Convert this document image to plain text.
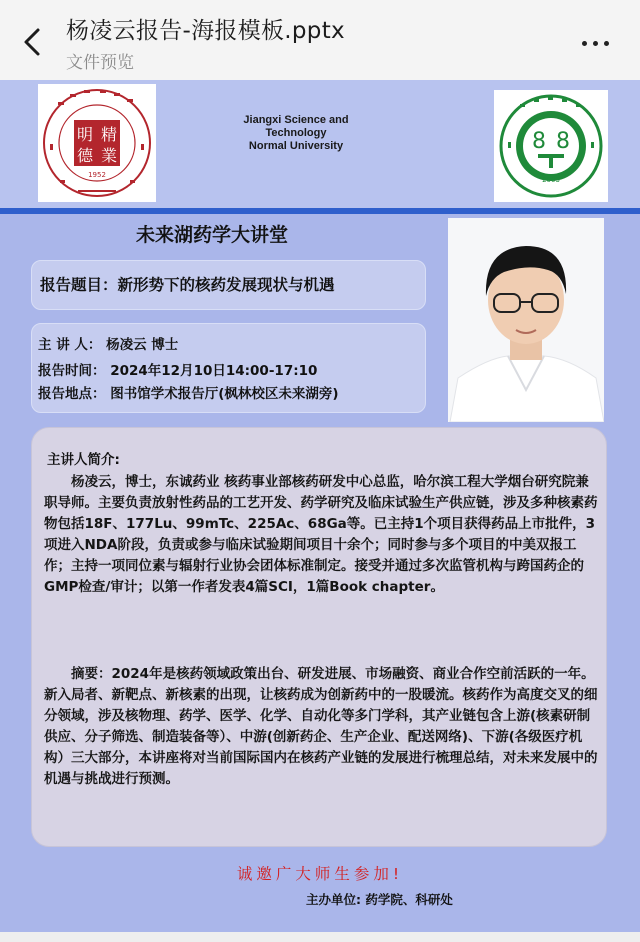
杨凌云报告-海报模板.pptx
文件预览
明 精
德 業
1952
Jiangxi Science and
Technology
Normal University	8 8
2003
未来湖药学大讲堂
报告题目：新形势下的核药发展现状与机遇
主 讲 人： 杨凌云 博士
报告时间： 2024年12月10日14:00-17:10
报告地点： 图书馆学术报告厅(枫林校区未来湖旁)
主讲人简介:
杨凌云，博士，东诚药业 核药事业部核药研发中心总监，哈尔滨工程大学烟台研究院兼职导师。主要负责放射性药品的工艺开发、药学研究及临床试验生产供应链，涉及多种核素药物包括18F、177Lu、99mTc、225Ac、68Ga等。已主持1个项目获得药品上市批件，3项进入NDA阶段，负责或参与临床试验期间项目十余个；同时参与多个项目的中美双报工作；主持一项同位素与辐射行业协会团体标准制定。接受并通过多次监管机构与跨国药企的GMP检查/审计；以第一作者发表4篇SCI，1篇Book chapter。
摘要：2024年是核药领域政策出台、研发进展、市场融资、商业合作空前活跃的一年。新入局者、新靶点、新核素的出现，让核药成为创新药中的一股暖流。核药作为高度交叉的细分领域，涉及核物理、药学、医学、化学、自动化等多门学科，其产业链包含上游(核素研制供应、分子筛选、制造装备等）、中游(创新药企、生产企业、配送网络)、下游(各级医疗机构）三大部分，本讲座将对当前国际国内在核药产业链的发展进行梳理总结，对未来发展中的机遇与挑战进行预测。
诚邀广大师生参加!
主办单位: 药学院、科研处
